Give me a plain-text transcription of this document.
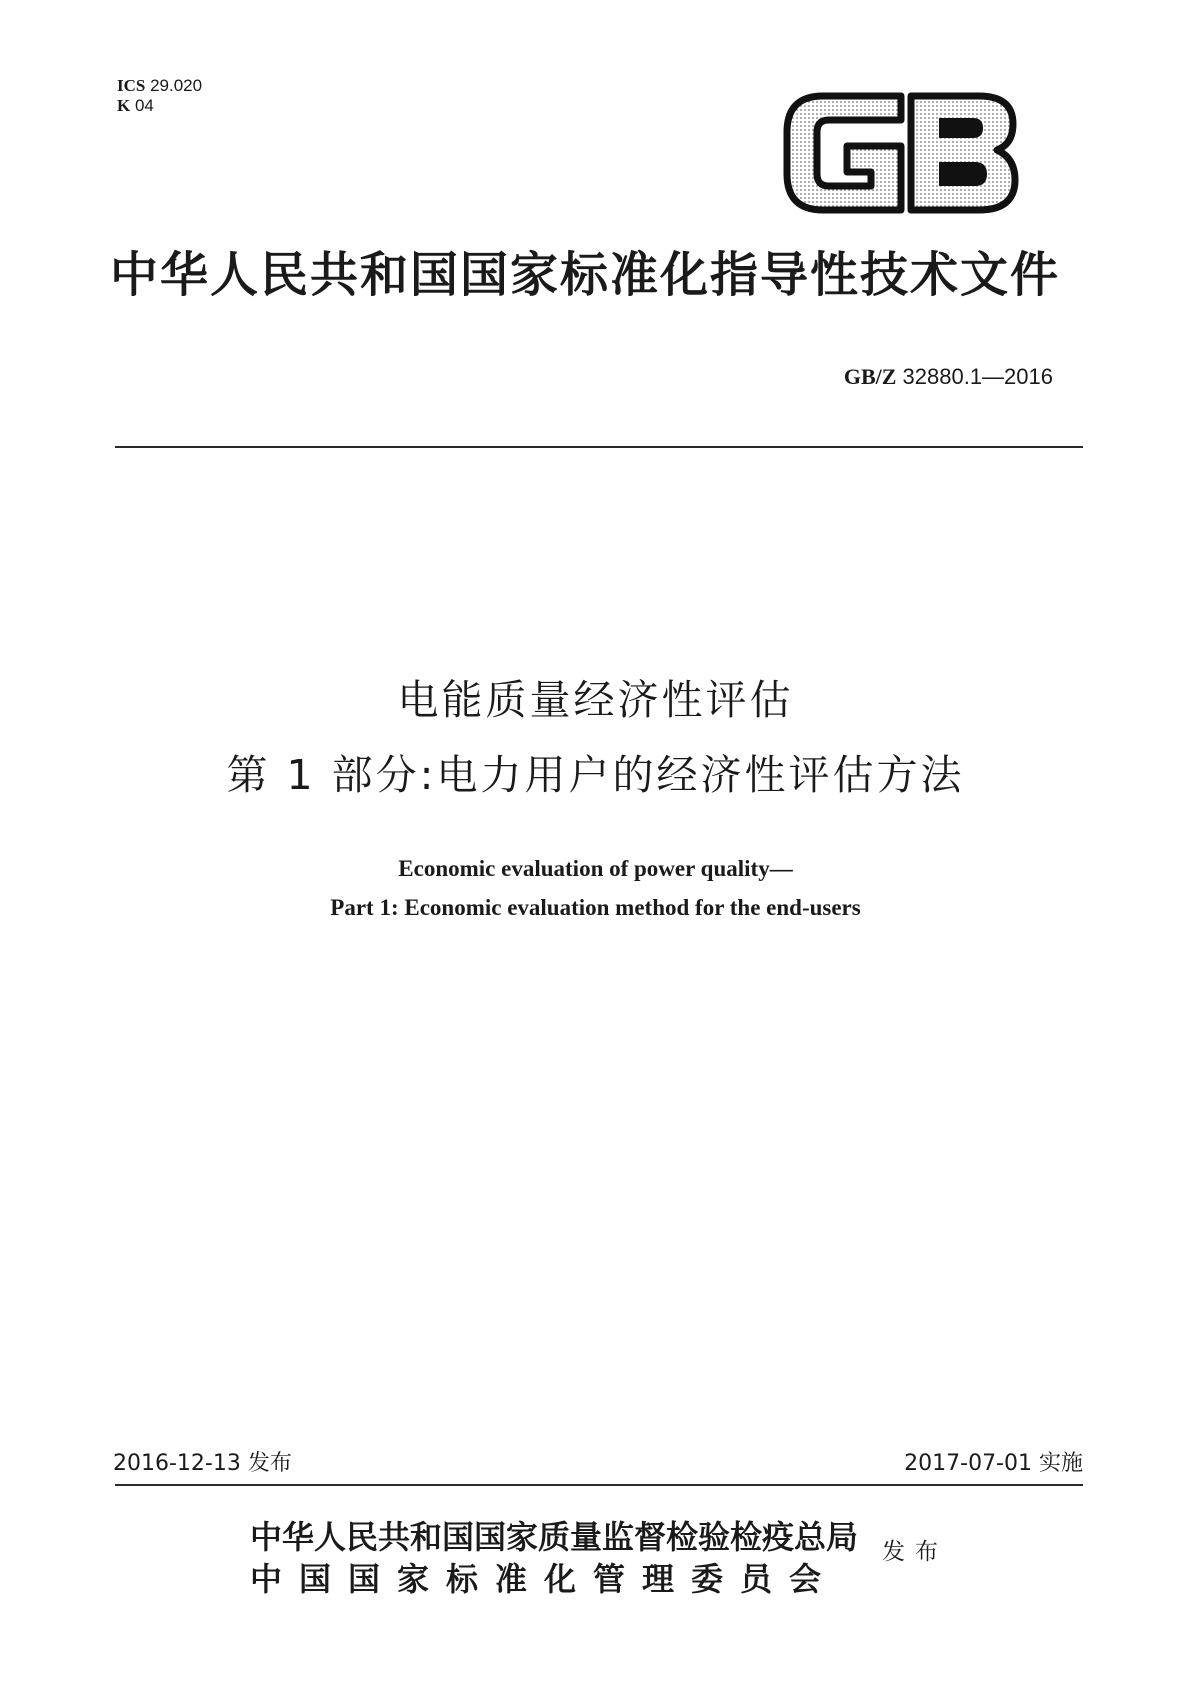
ICS 29.020
K 04
中华人民共和国国家标准化指导性技术文件
GB/Z 32880.1—2016
电能质量经济性评估
第 1 部分:电力用户的经济性评估方法
Economic evaluation of power quality—
Part 1: Economic evaluation method for the end-users
2016-12-13 发布	2017-07-01 实施
中华人民共和国国家质量监督检验检疫总局
中国国家标准化管理委员会
发布
